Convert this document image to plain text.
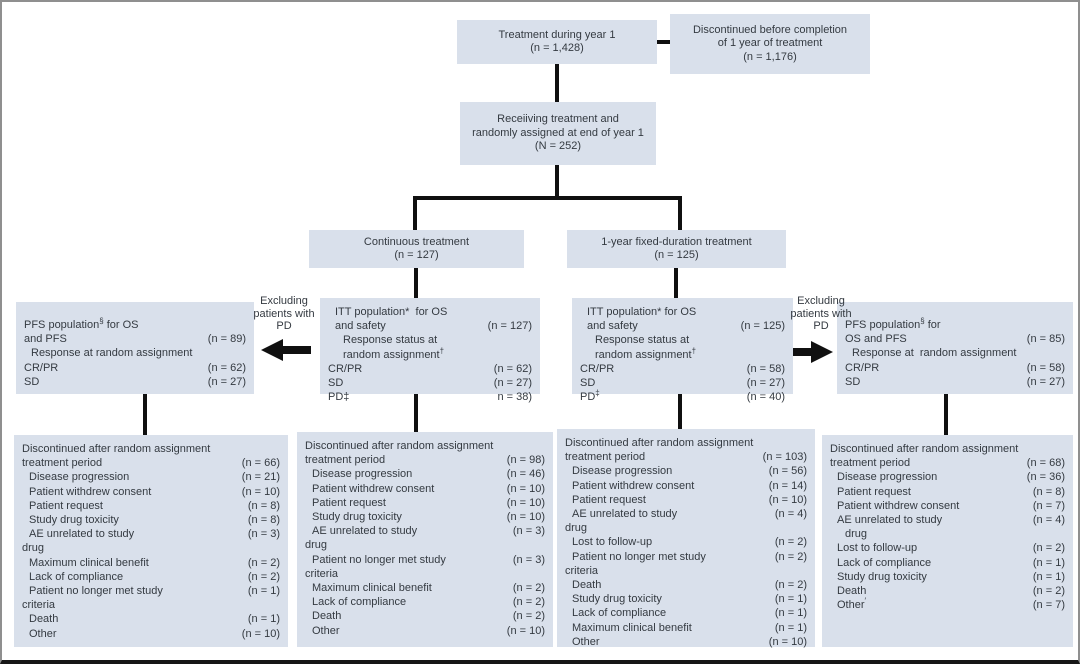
Treatment during year 1
(n = 1,428)
Discontinued before completion
of 1 year of treatment
(n = 1,176)
Receiiving treatment and
randomly assigned at end of year 1
(N = 252)
Continuous treatment
(n = 127)
1-year fixed-duration treatment
(n = 125)
PFS population§ for OS
and PFS	(n = 89)
Response at random assignment
CR/PR	(n = 62)
SD	(n = 27)
ITT population*  for OS
and safety	(n = 127)
Response status at
random assignment†
CR/PR	(n = 62)
SD	(n = 27)
PD‡	n = 38)
ITT population* for OS
and safety	(n = 125)
Response status at
random assignment†
CR/PR	(n = 58)
SD	(n = 27)
PD‡	(n = 40)
PFS population§ for
OS and PFS	(n = 85)
Response at  random assignment
CR/PR	(n = 58)
SD	(n = 27)
Discontinued after random assignment
treatment period	(n = 66)
Disease progression	(n = 21)
Patient withdrew consent	(n = 10)
Patient request	(n = 8)
Study drug toxicity	(n = 8)
AE unrelated to study	(n = 3)
drug
Maximum clinical benefit	(n = 2)
Lack of compliance	(n = 2)
Patient no longer met study	(n = 1)
criteria
Death	(n = 1)
Other	(n = 10)
Discontinued after random assignment
treatment period	(n = 98)
Disease progression	(n = 46)
Patient withdrew consent	(n = 10)
Patient request	(n = 10)
Study drug toxicity	(n = 10)
AE unrelated to study	(n = 3)
drug
Patient no longer met study	(n = 3)
criteria
Maximum clinical benefit	(n = 2)
Lack of compliance	(n = 2)
Death	(n = 2)
Other	(n = 10)
Discontinued after random assignment
treatment period	(n = 103)
Disease progression	(n = 56)
Patient withdrew consent	(n = 14)
Patient request	(n = 10)
AE unrelated to study	(n = 4)
drug
Lost to follow-up	(n = 2)
Patient no longer met study	(n = 2)
criteria
Death	(n = 2)
Study drug toxicity	(n = 1)
Lack of compliance	(n = 1)
Maximum clinical benefit	(n = 1)
Other	(n = 10)
Discontinued after random assignment
treatment period	(n = 68)
Disease progression	(n = 36)
Patient request	(n = 8)
Patient withdrew consent	(n = 7)
AE unrelated to study	(n = 4)
drug
Lost to follow-up	(n = 2)
Lack of compliance	(n = 1)
Study drug toxicity	(n = 1)
Death	(n = 2)
Other′	(n = 7)
Excluding patients with PD
Excluding patients with PD
